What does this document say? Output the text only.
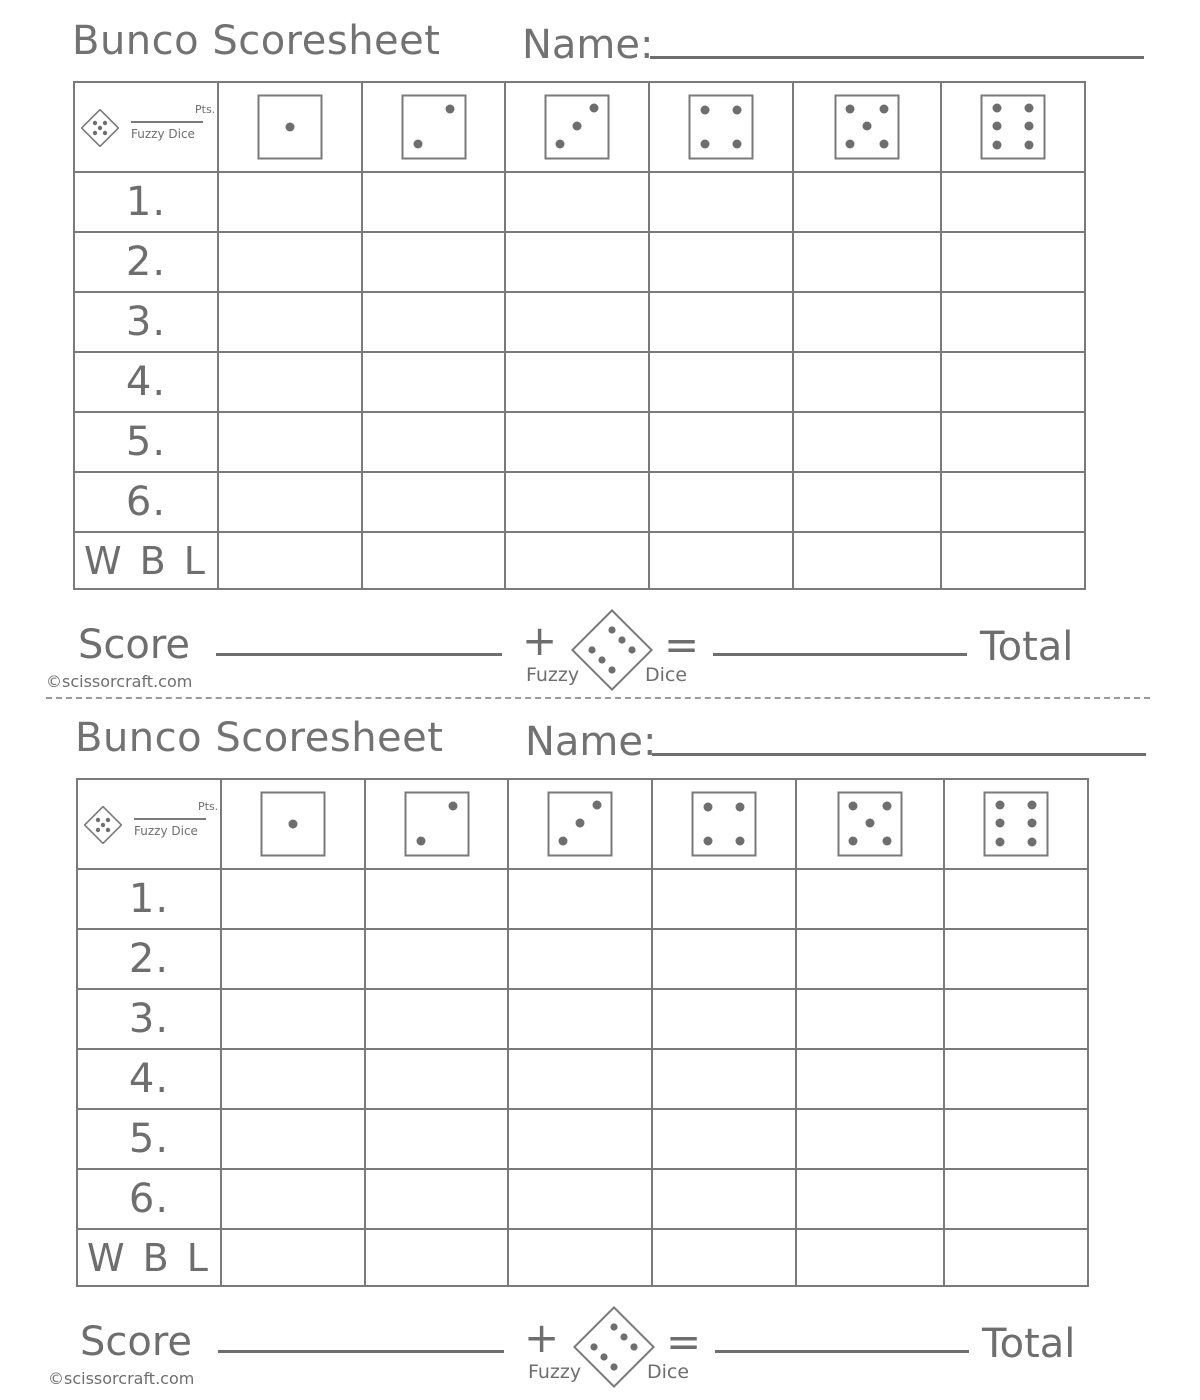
Bunco Scoresheet Name:
Pts.
Fuzzy Dice

1.						
2.						
3.						
4.						
5.						
6.						
W B L						
Score	+
Fuzzy	Dice
=	Total
©scissorcraft.com
Bunco Scoresheet Name:
Pts.
Fuzzy Dice

1.						
2.						
3.						
4.						
5.						
6.						
W B L						
Score	+
Fuzzy	Dice
=	Total
©scissorcraft.com
